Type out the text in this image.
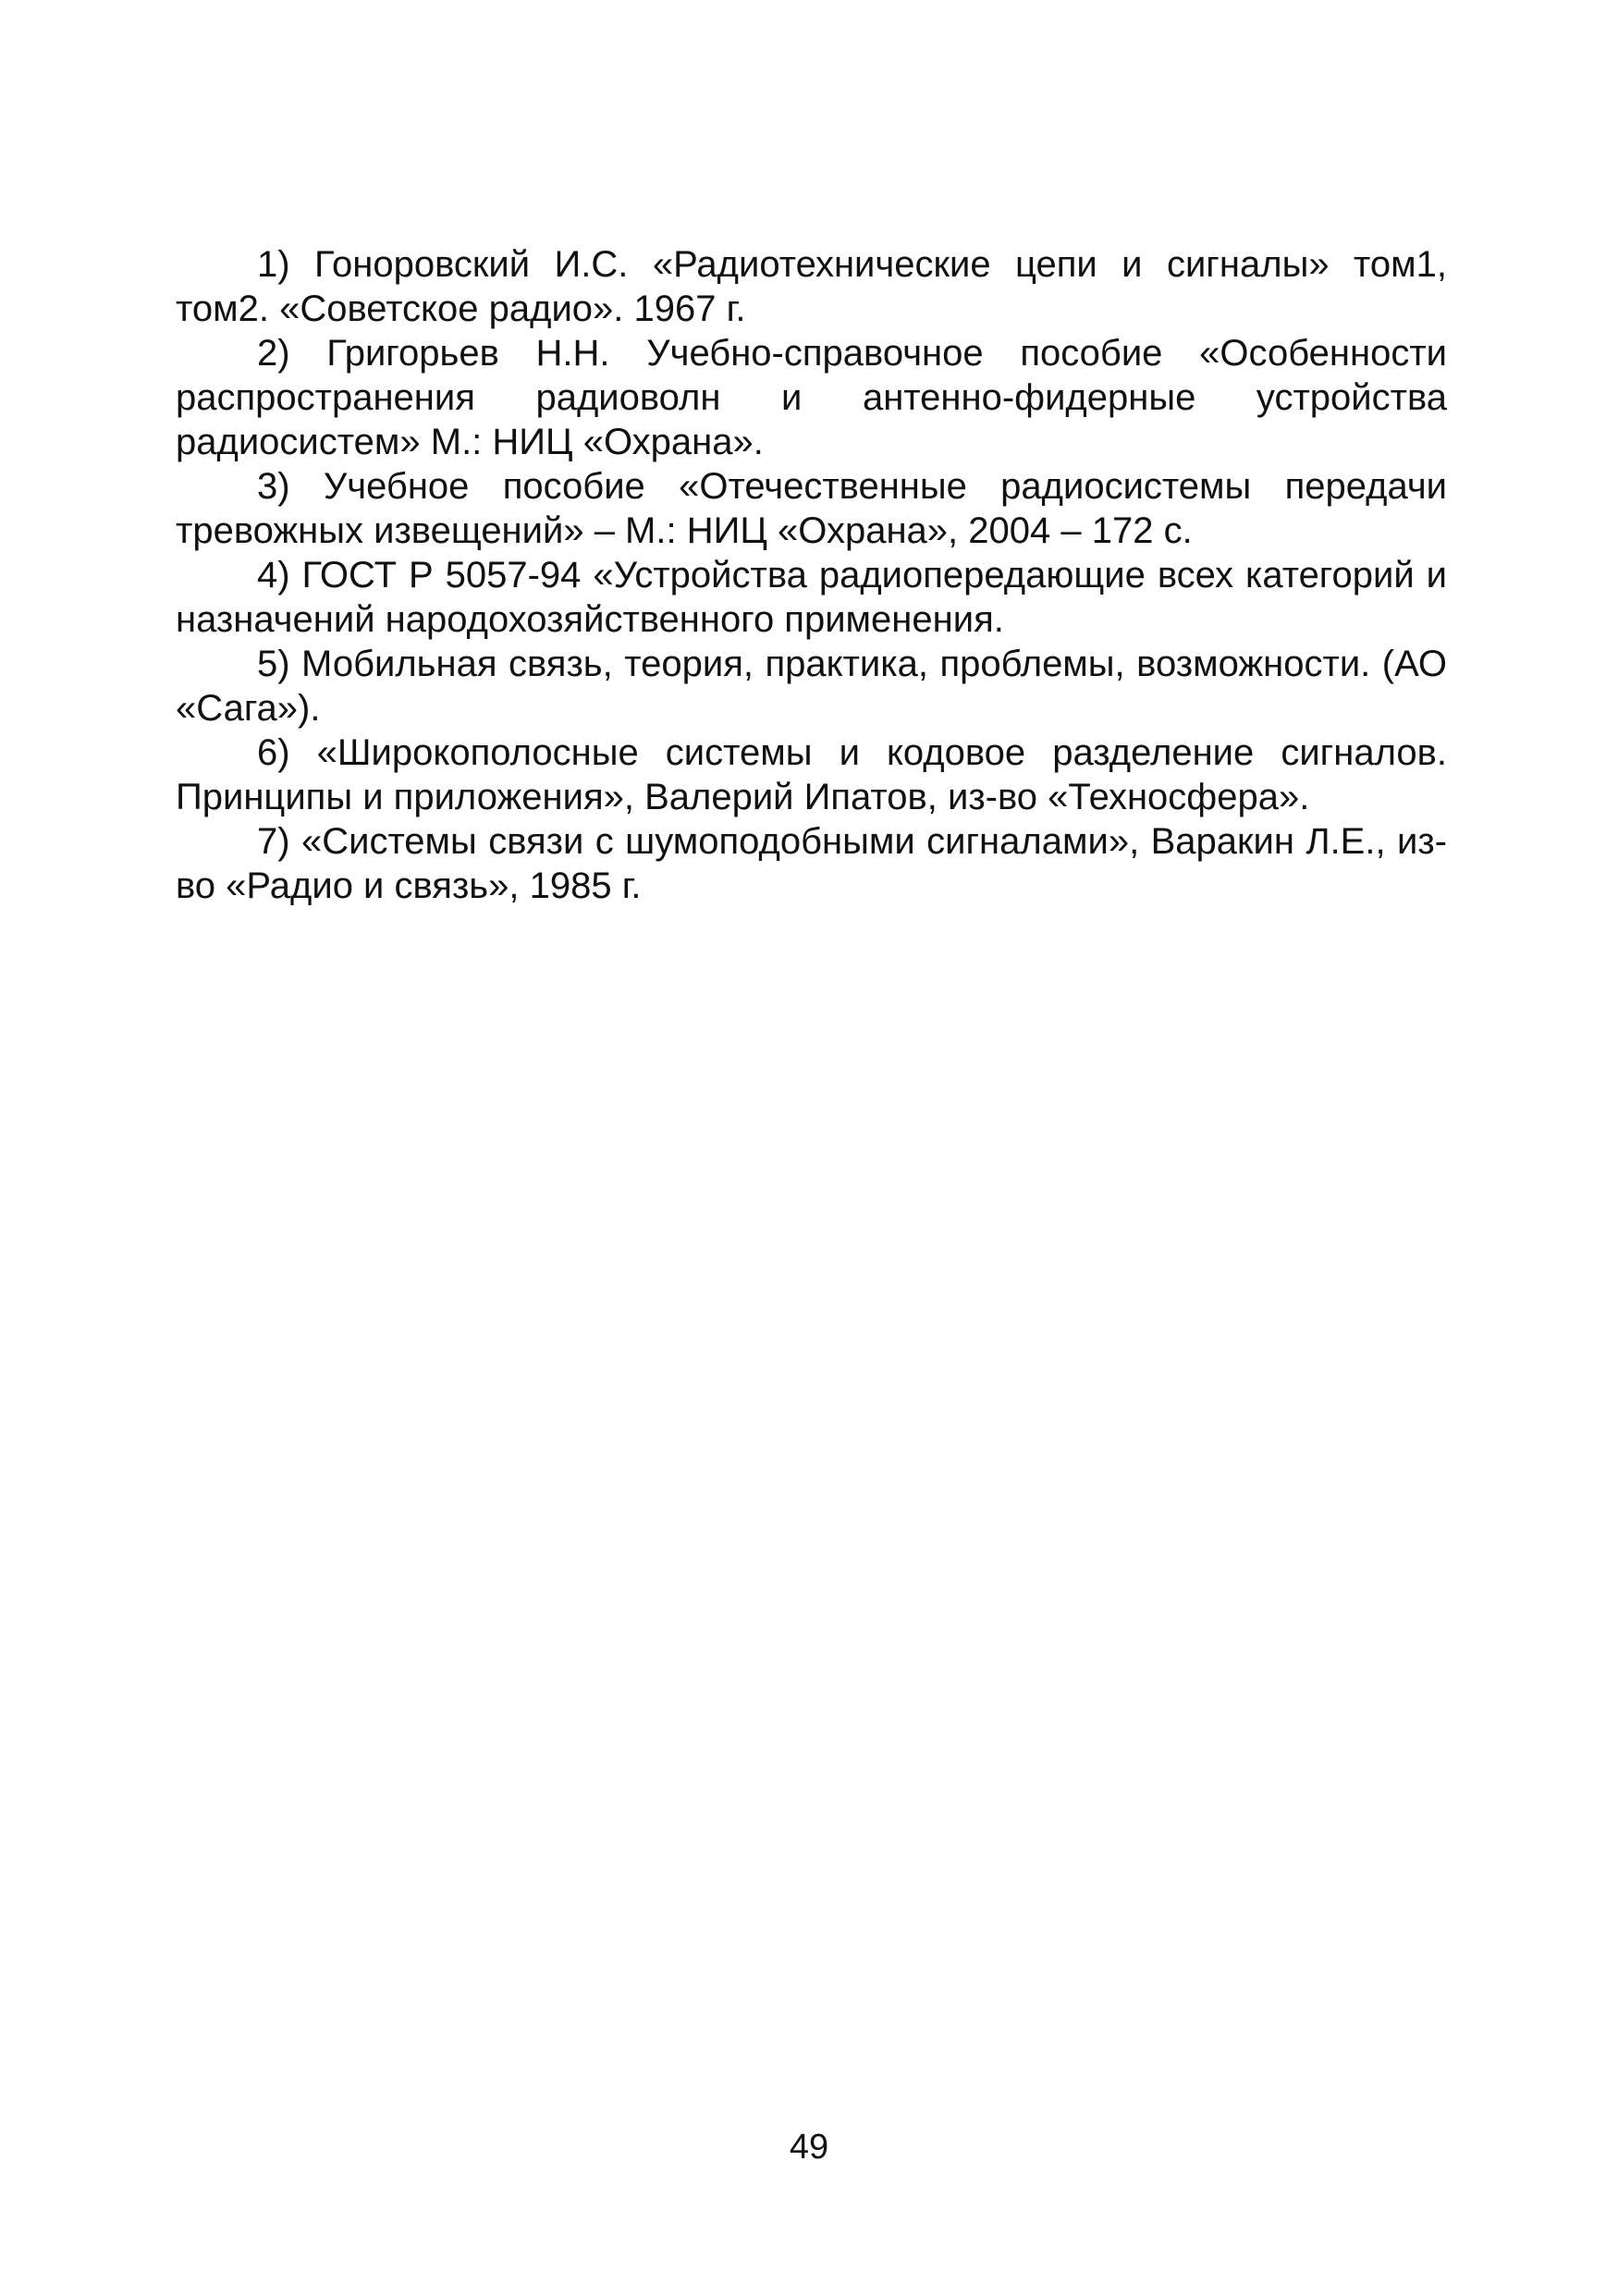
1) Гоноровский И.С. «Радиотехнические цепи и сигналы» том1, том2. «Советское радио». 1967 г.
2) Григорьев Н.Н. Учебно-справочное пособие «Особенности распространения радиоволн и антенно-фидерные устройства радиосистем» М.: НИЦ «Охрана».
3) Учебное пособие «Отечественные радиосистемы передачи тревожных извещений» – М.: НИЦ «Охрана», 2004 – 172 с.
4) ГОСТ Р 5057-94 «Устройства радиопередающие всех категорий и назначений народохозяйственного применения.
5) Мобильная связь, теория, практика, проблемы, возможности. (АО «Сага»).
6) «Широкополосные системы и кодовое разделение сигналов. Принципы и приложения», Валерий Ипатов, из-во «Техносфера».
7) «Системы связи с шумоподобными сигналами», Варакин Л.Е., из-во «Радио и связь», 1985 г.
49
